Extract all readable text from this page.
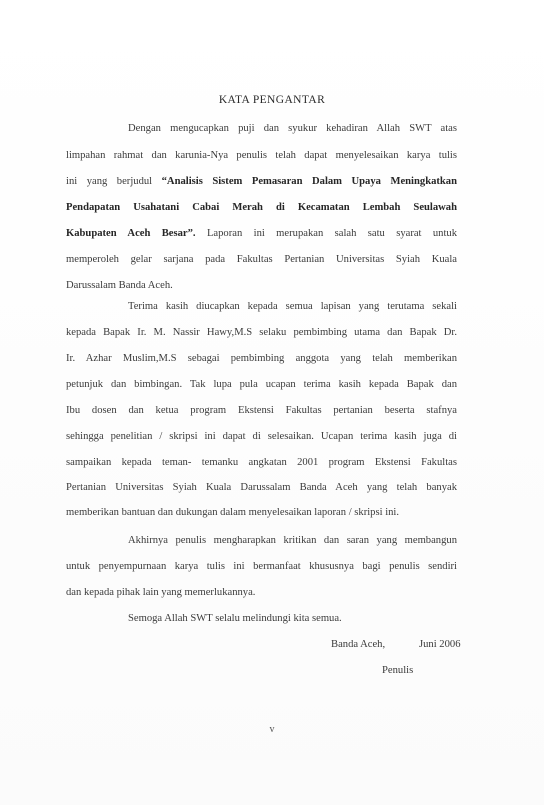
KATA PENGANTAR
Dengan mengucapkan puji dan syukur kehadiran Allah SWT atas
limpahan rahmat dan karunia-Nya penulis telah dapat menyelesaikan karya tulis
ini yang berjudul “Analisis Sistem Pemasaran Dalam Upaya Meningkatkan
Pendapatan Usahatani Cabai Merah di Kecamatan Lembah Seulawah
Kabupaten Aceh Besar”. Laporan ini merupakan salah satu syarat untuk
memperoleh gelar sarjana pada Fakultas Pertanian Universitas Syiah Kuala
Darussalam Banda Aceh.
Terima kasih diucapkan kepada semua lapisan yang terutama sekali
kepada Bapak Ir. M. Nassir Hawy,M.S selaku pembimbing utama dan Bapak Dr.
Ir. Azhar Muslim,M.S sebagai pembimbing anggota yang telah memberikan
petunjuk dan bimbingan. Tak lupa pula ucapan terima kasih kepada Bapak dan
Ibu dosen dan ketua program Ekstensi Fakultas pertanian beserta stafnya
sehingga penelitian / skripsi ini dapat di selesaikan. Ucapan terima kasih juga di
sampaikan kepada teman- temanku angkatan 2001 program Ekstensi Fakultas
Pertanian Universitas Syiah Kuala Darussalam Banda Aceh yang telah banyak
memberikan bantuan dan dukungan dalam menyelesaikan laporan / skripsi ini.
Akhirnya penulis mengharapkan kritikan dan saran yang membangun
untuk penyempurnaan karya tulis ini bermanfaat khususnya bagi penulis sendiri
dan kepada pihak lain yang memerlukannya.
Semoga Allah SWT selalu melindungi kita semua.
Banda Aceh,	Juni 2006
Penulis
v
